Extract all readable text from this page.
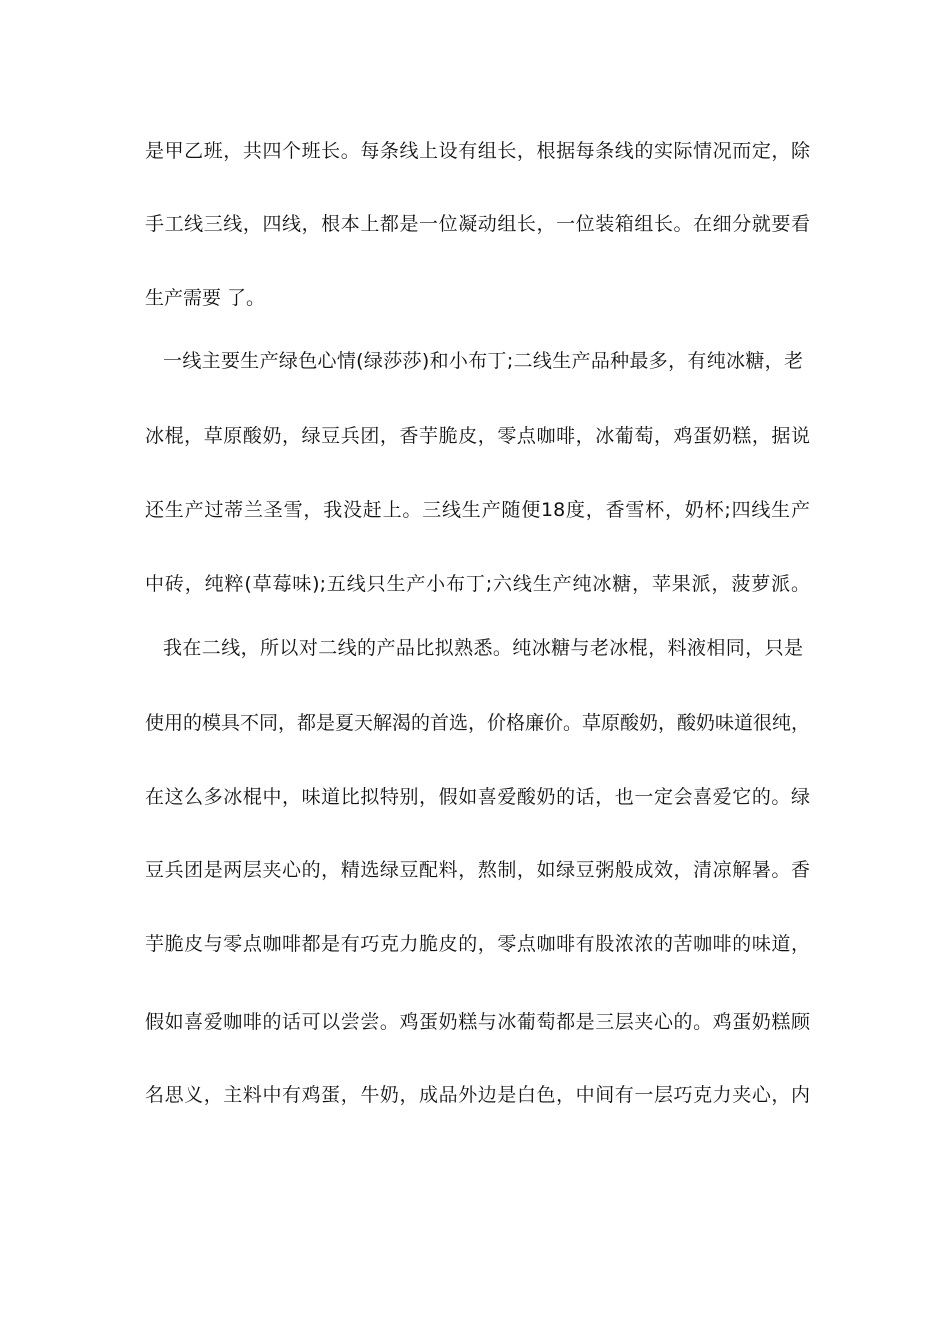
是甲乙班，共四个班长。每条线上设有组长，根据每条线的实际情况而定，除
手工线三线，四线，根本上都是一位凝动组长，一位装箱组长。在细分就要看
生产需要 了。
一线主要生产绿色心情(绿莎莎)和小布丁;二线生产品种最多，有纯冰糖，老
冰棍，草原酸奶，绿豆兵团，香芋脆皮，零点咖啡，冰葡萄，鸡蛋奶糕，据说
还生产过蒂兰圣雪，我没赶上。三线生产随便18度，香雪杯，奶杯;四线生产
中砖，纯粹(草莓味);五线只生产小布丁;六线生产纯冰糖，苹果派，菠萝派。
我在二线，所以对二线的产品比拟熟悉。纯冰糖与老冰棍，料液相同，只是
使用的模具不同，都是夏天解渴的首选，价格廉价。草原酸奶，酸奶味道很纯，
在这么多冰棍中，味道比拟特别，假如喜爱酸奶的话，也一定会喜爱它的。绿
豆兵团是两层夹心的，精选绿豆配料，熬制，如绿豆粥般成效，清凉解暑。香
芋脆皮与零点咖啡都是有巧克力脆皮的，零点咖啡有股浓浓的苦咖啡的味道，
假如喜爱咖啡的话可以尝尝。鸡蛋奶糕与冰葡萄都是三层夹心的。鸡蛋奶糕顾
名思义，主料中有鸡蛋，牛奶，成品外边是白色，中间有一层巧克力夹心，内
